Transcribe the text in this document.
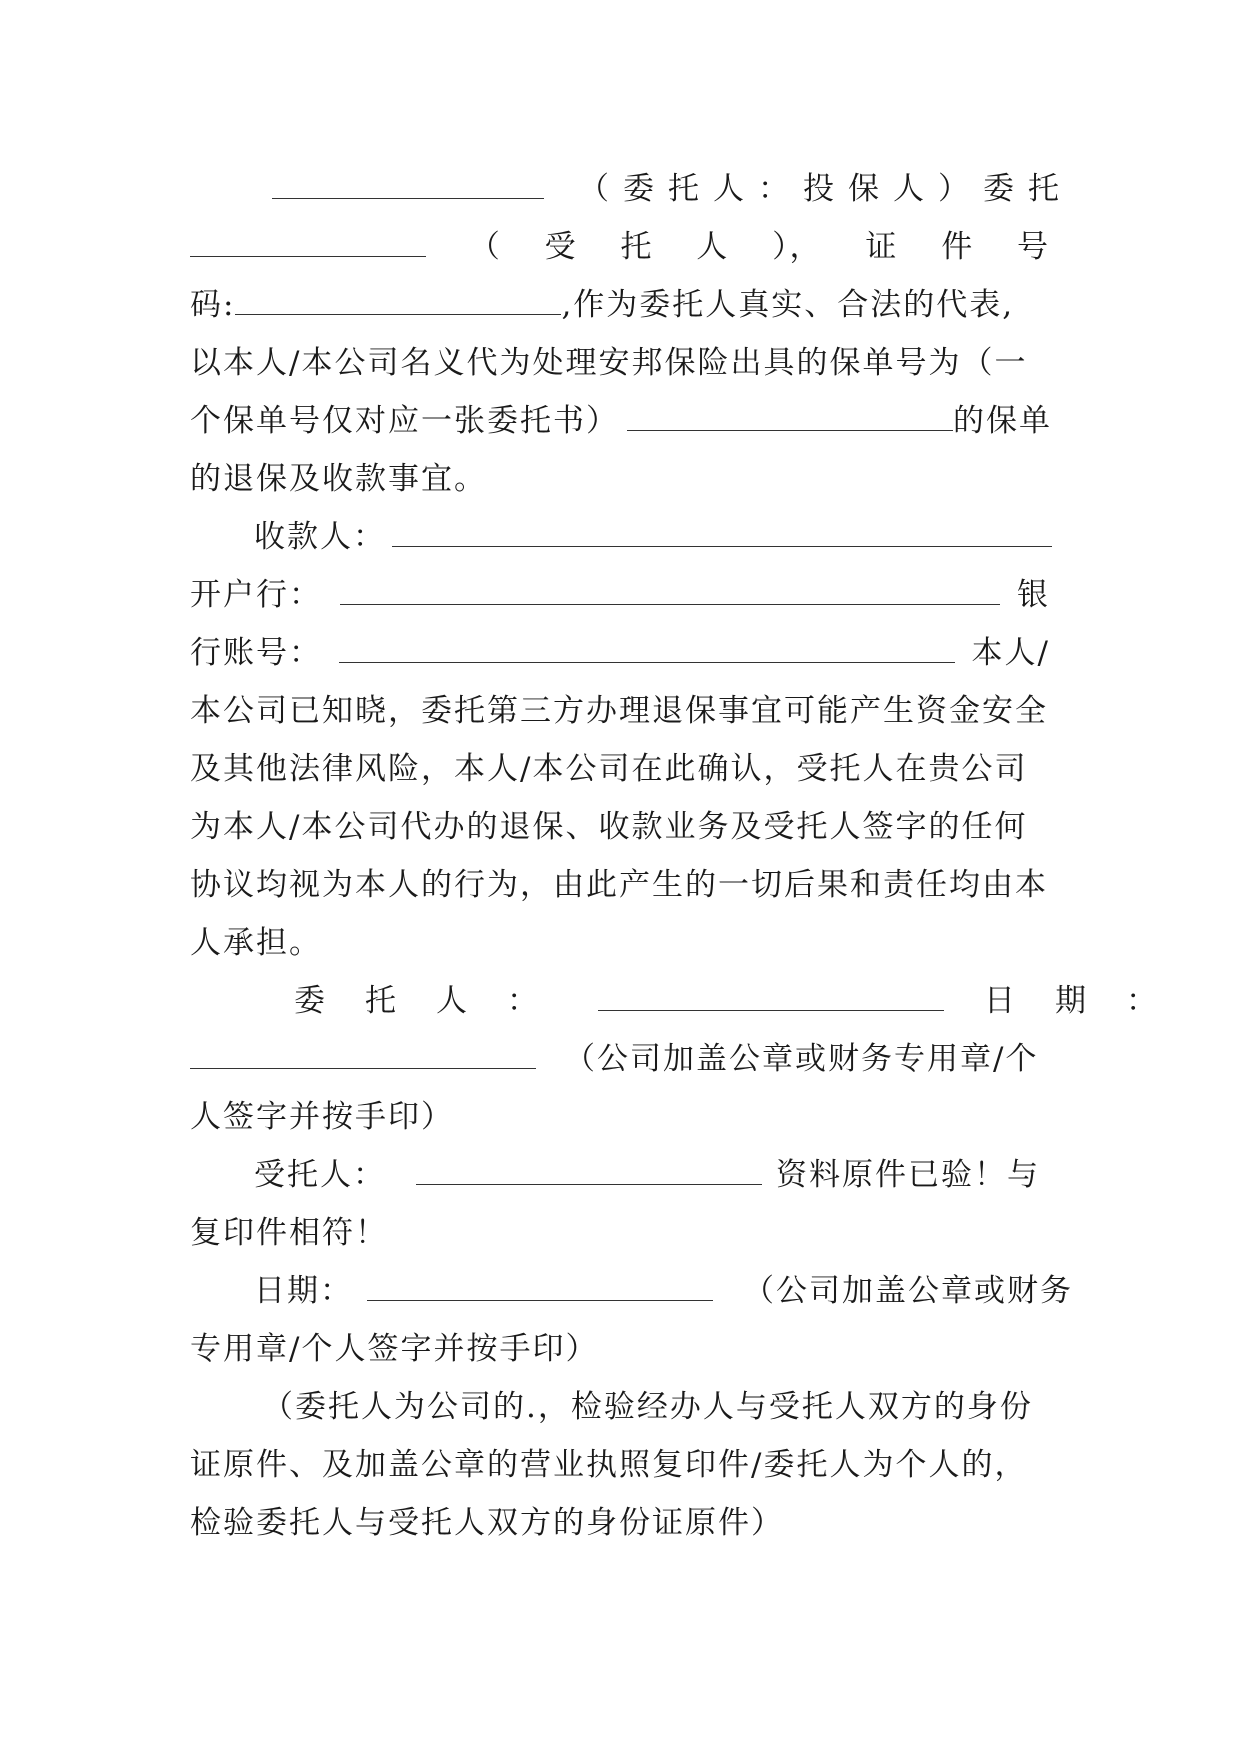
（委托人：投保人）委托
（ 受 托 人 ）， 证 件 号
码:	,作为委托人真实、合法的代表,
以本人/本公司名义代为处理安邦保险出具的保单号为（一
个保单号仅对应一张委托书）	的保单
的退保及收款事宜。
收款人：
开户行：	银
行账号：	本人/
本公司已知晓，委托第三方办理退保事宜可能产生资金安全
及其他法律风险，本人/本公司在此确认，受托人在贵公司
为本人/本公司代办的退保、收款业务及受托人签字的任何
协议均视为本人的行为，由此产生的一切后果和责任均由本
人承担。
委托人：	日期：
（公司加盖公章或财务专用章/个
人签字并按手印）
受托人：	资料原件已验！与
复印件相符！
日期：	（公司加盖公章或财务
专用章/个人签字并按手印）
（委托人为公司的.，检验经办人与受托人双方的身份
证原件、及加盖公章的营业执照复印件/委托人为个人的，
检验委托人与受托人双方的身份证原件）
